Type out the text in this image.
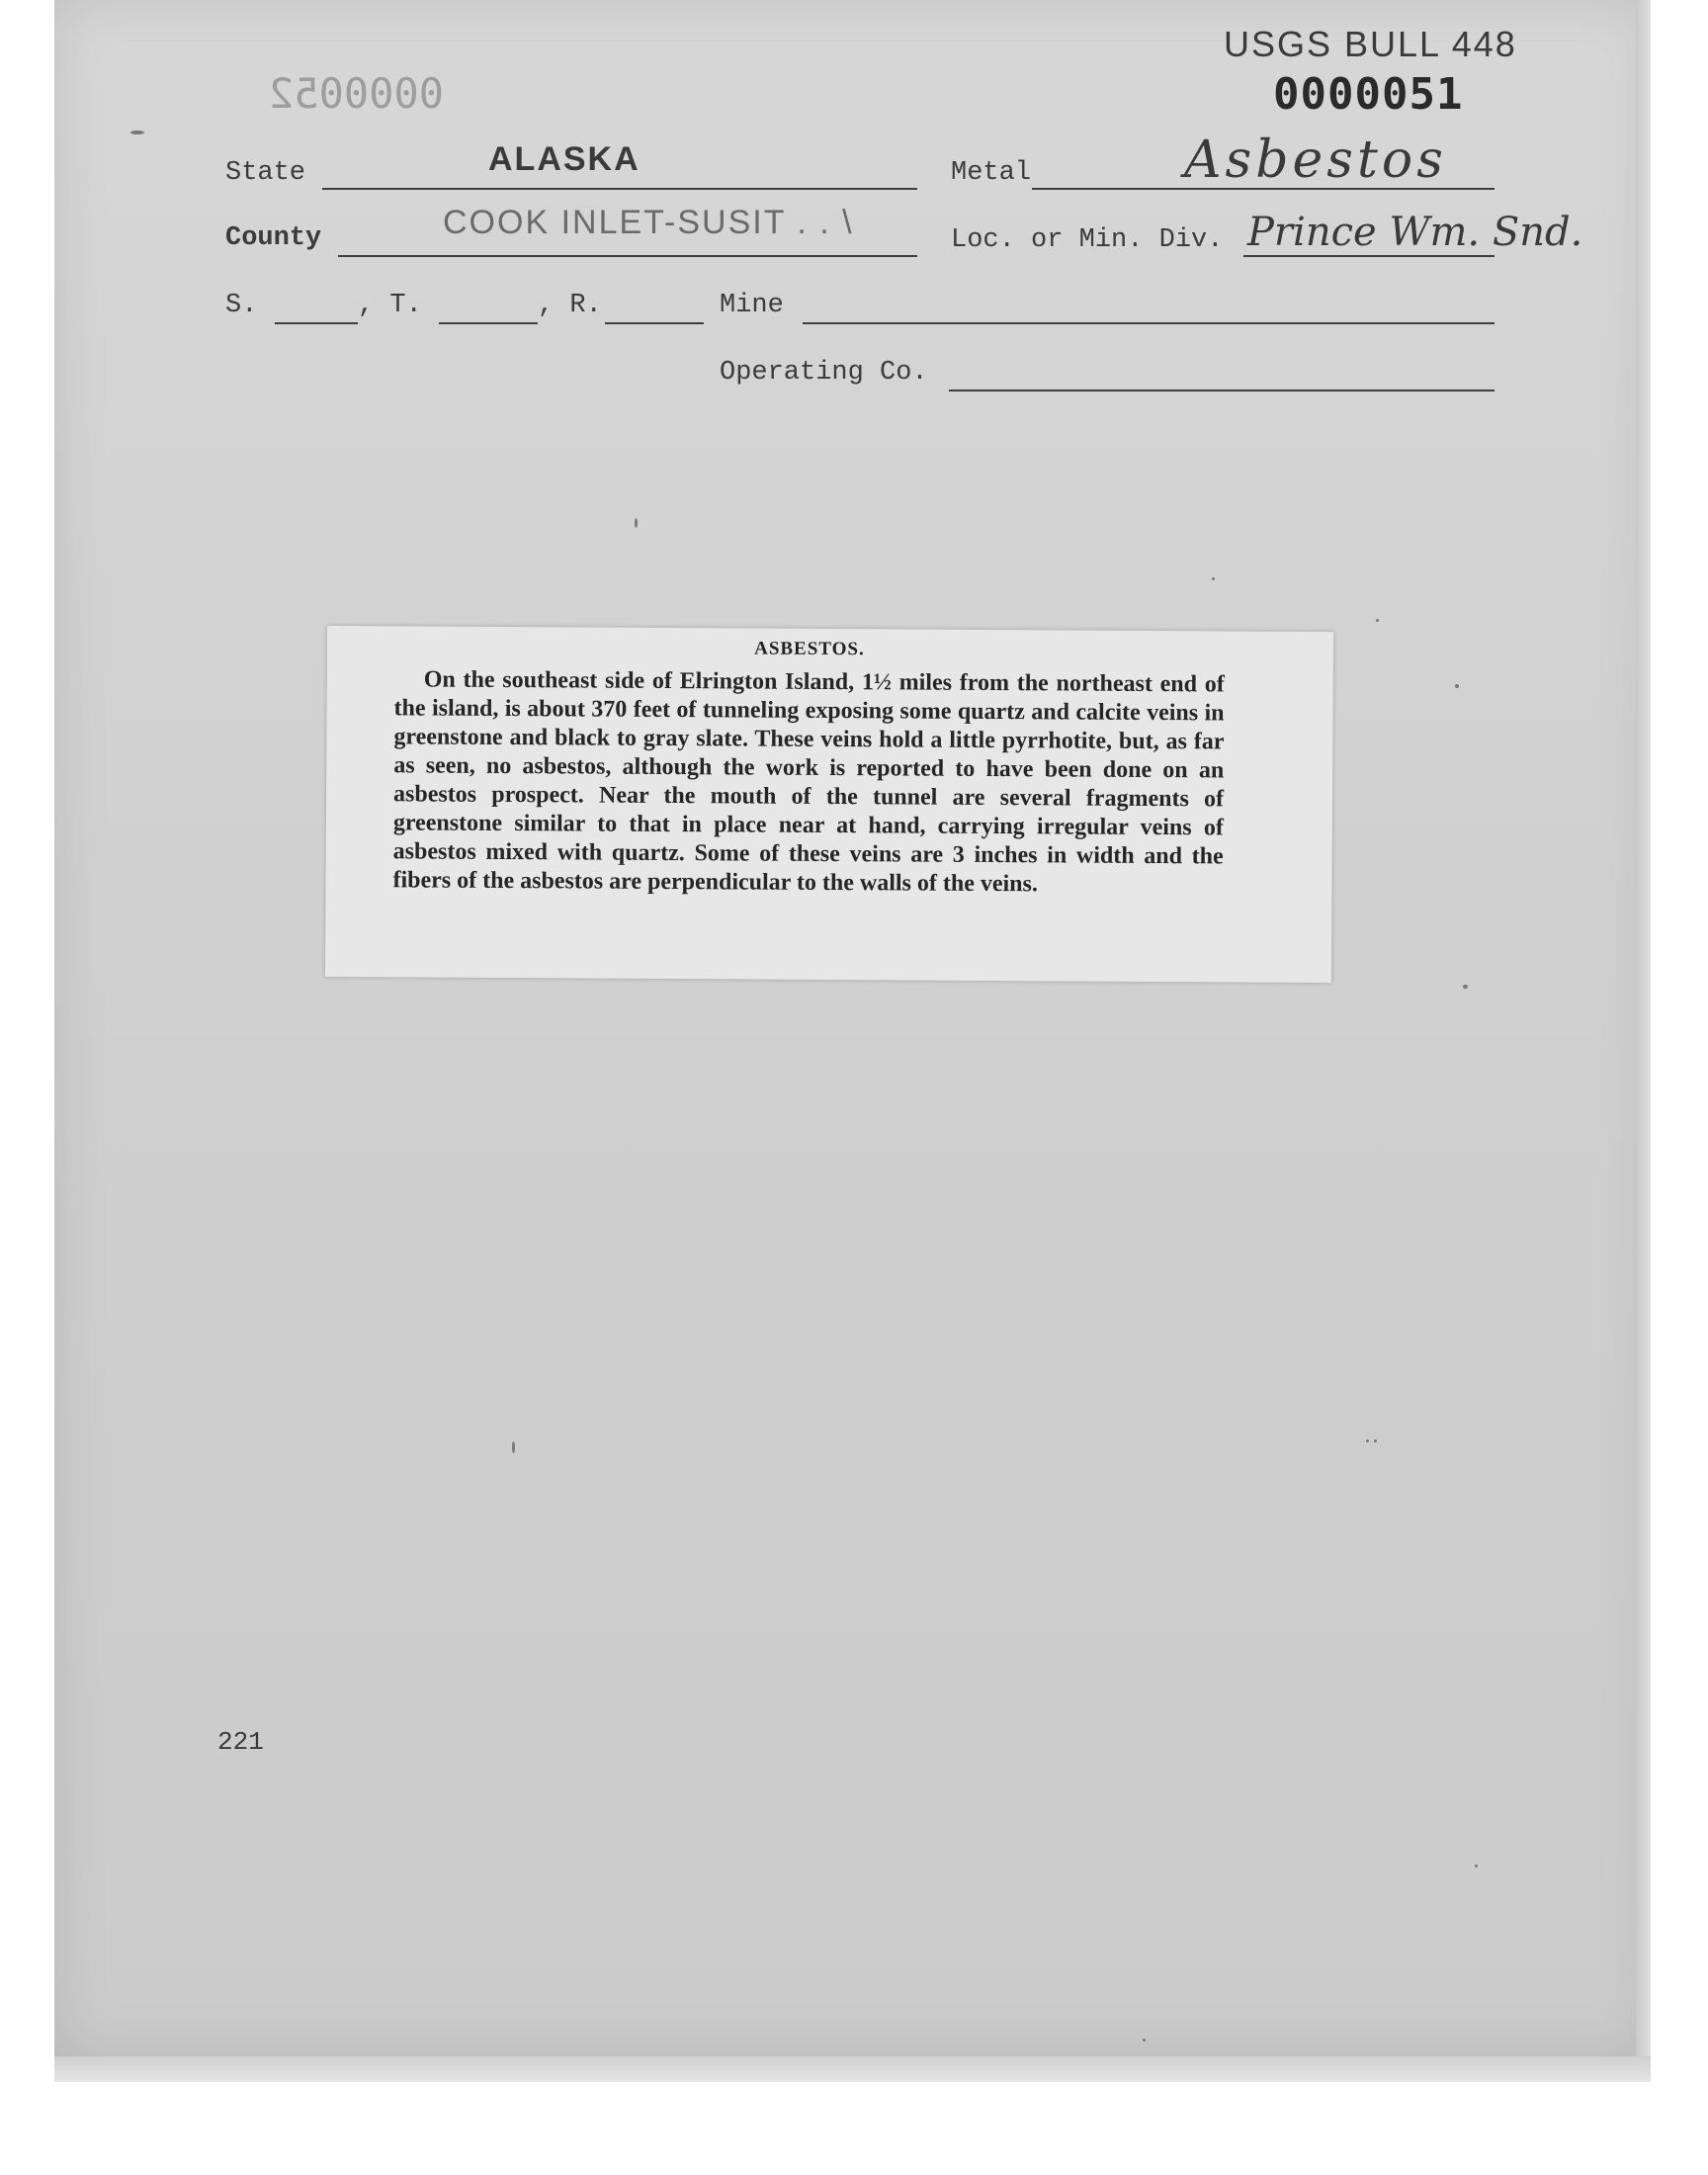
USGS BULL 448
0000051
0000052
State	ALASKA	Metal	Asbestos
County	COOK INLET-SUSIT . . \	Loc. or Min. Div. Prince Wm. Snd.
S.	, T.	, R.	Mine
Operating Co.
ASBESTOS.

On the southeast side of Elrington Island, 1½ miles from the northeast end of the island, is about 370 feet of tunneling exposing some quartz and calcite veins in greenstone and black to gray slate. These veins hold a little pyrrhotite, but, as far as seen, no asbestos, although the work is reported to have been done on an asbestos prospect. Near the mouth of the tunnel are several fragments of greenstone similar to that in place near at hand, carrying irregular veins of asbestos mixed with quartz. Some of these veins are 3 inches in width and the fibers of the asbestos are perpendicular to the walls of the veins.

221
